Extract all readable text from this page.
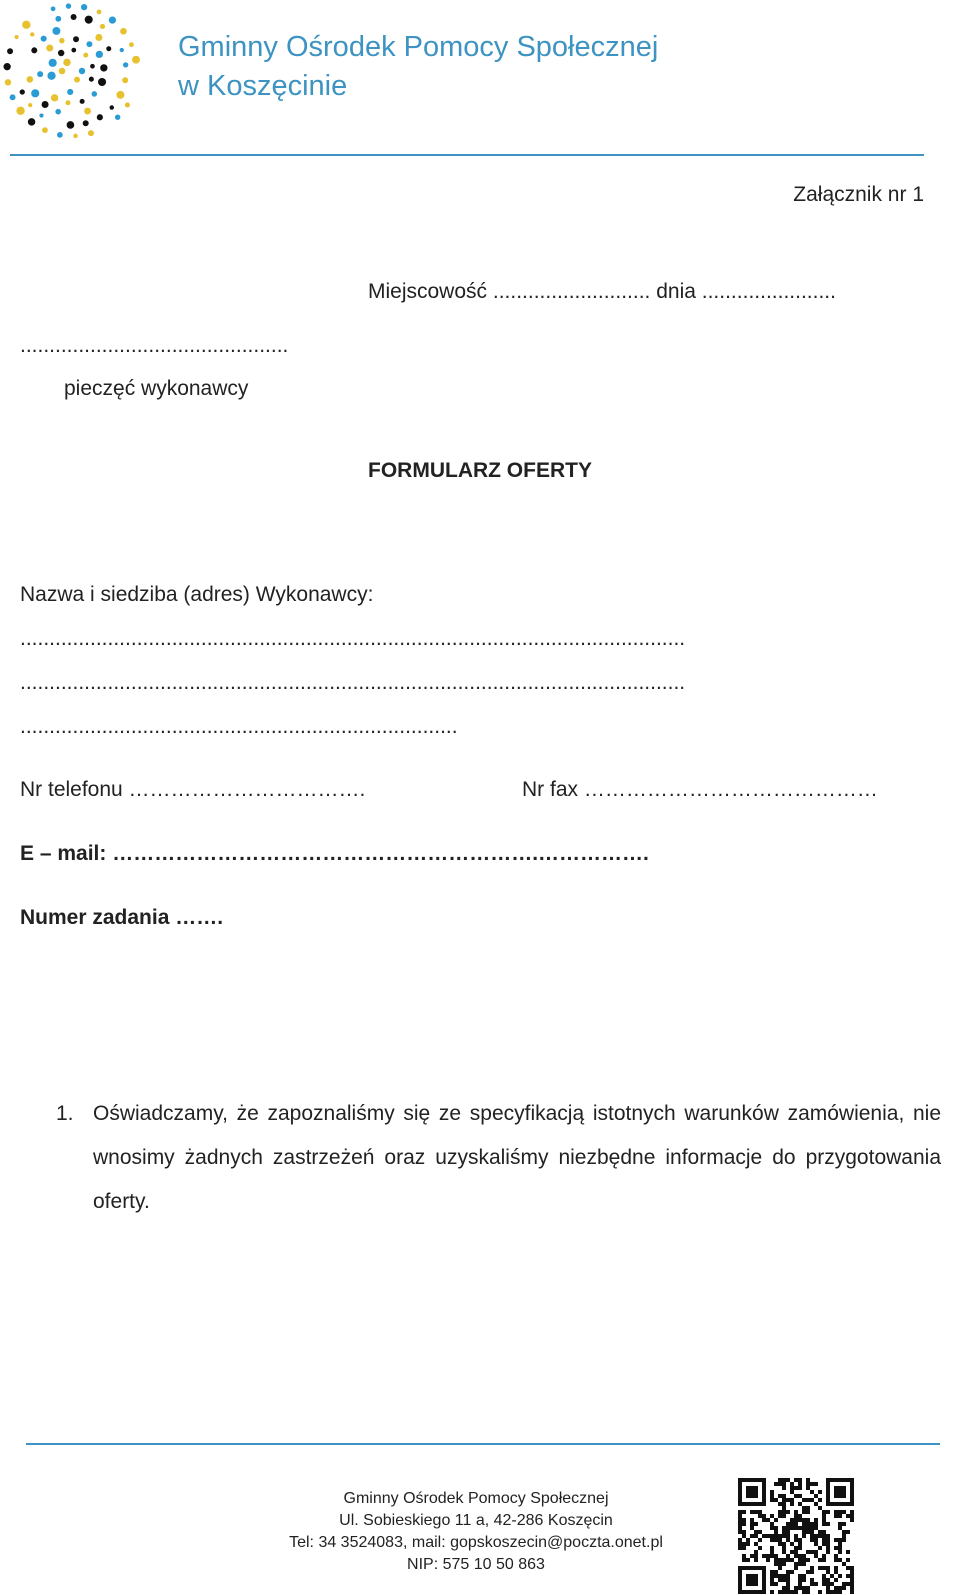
Gminny Ośrodek Pomocy Społecznej
w Koszęcinie
Załącznik nr 1
Miejscowość ........................... dnia .......................
..............................................
pieczęć wykonawcy
FORMULARZ OFERTY
Nazwa i siedziba (adres) Wykonawcy:
..................................................................................................................
..................................................................................................................
...........................................................................
Nr telefonu …………………………….	Nr fax ……………………………………
E – mail: …………………………………………………….…………….
Numer zadania …….
1. Oświadczamy, że zapoznaliśmy się ze specyfikacją istotnych warunków zamówienia, nie wnosimy żadnych zastrzeżeń oraz uzyskaliśmy niezbędne informacje do przygotowania oferty.
Gminny Ośrodek Pomocy Społecznej
Ul. Sobieskiego 11 a, 42-286 Koszęcin
Tel: 34 3524083, mail: gopskoszecin@poczta.onet.pl
NIP: 575 10 50 863
